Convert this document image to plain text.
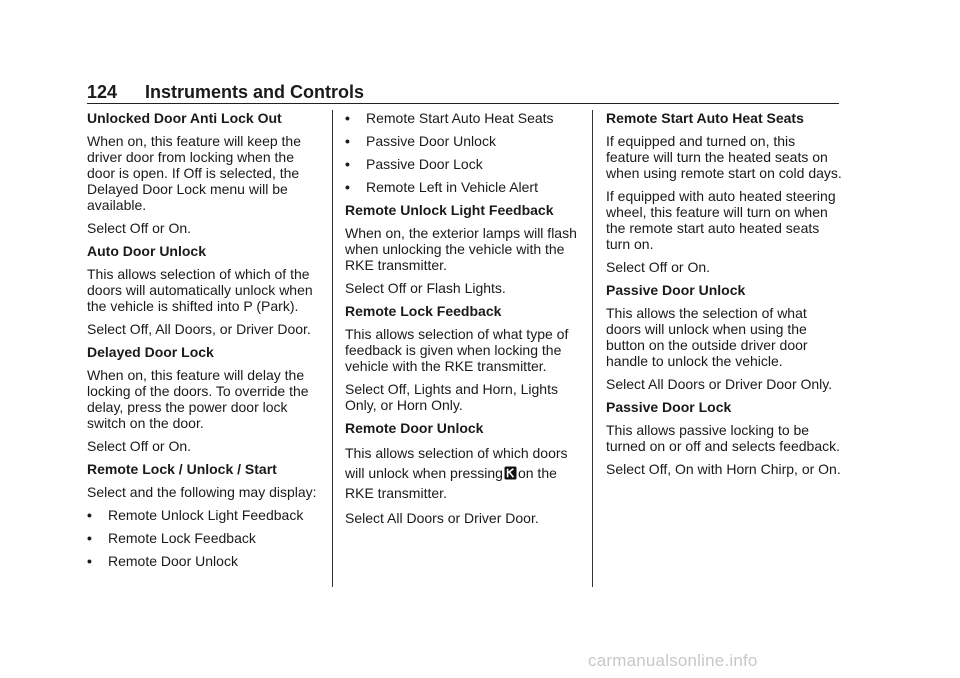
124 Instruments and Controls
Unlocked Door Anti Lock Out
When on, this feature will keep the driver door from locking when the door is open. If Off is selected, the Delayed Door Lock menu will be available.
Select Off or On.
Auto Door Unlock
This allows selection of which of the doors will automatically unlock when the vehicle is shifted into P (Park).
Select Off, All Doors, or Driver Door.
Delayed Door Lock
When on, this feature will delay the locking of the doors. To override the delay, press the power door lock switch on the door.
Select Off or On.
Remote Lock / Unlock / Start
Select and the following may display:
• Remote Unlock Light Feedback
• Remote Lock Feedback
• Remote Door Unlock
• Remote Start Auto Heat Seats
• Passive Door Unlock
• Passive Door Lock
• Remote Left in Vehicle Alert
Remote Unlock Light Feedback
When on, the exterior lamps will flash when unlocking the vehicle with the RKE transmitter.
Select Off or Flash Lights.
Remote Lock Feedback
This allows selection of what type of feedback is given when locking the vehicle with the RKE transmitter.
Select Off, Lights and Horn, Lights Only, or Horn Only.
Remote Door Unlock
This allows selection of which doors will unlock when pressing on the RKE transmitter.
Select All Doors or Driver Door.
Remote Start Auto Heat Seats
If equipped and turned on, this feature will turn the heated seats on when using remote start on cold days.
If equipped with auto heated steering wheel, this feature will turn on when the remote start auto heated seats turn on.
Select Off or On.
Passive Door Unlock
This allows the selection of what doors will unlock when using the button on the outside driver door handle to unlock the vehicle.
Select All Doors or Driver Door Only.
Passive Door Lock
This allows passive locking to be turned on or off and selects feedback.
Select Off, On with Horn Chirp, or On.
carmanualsonline.info
